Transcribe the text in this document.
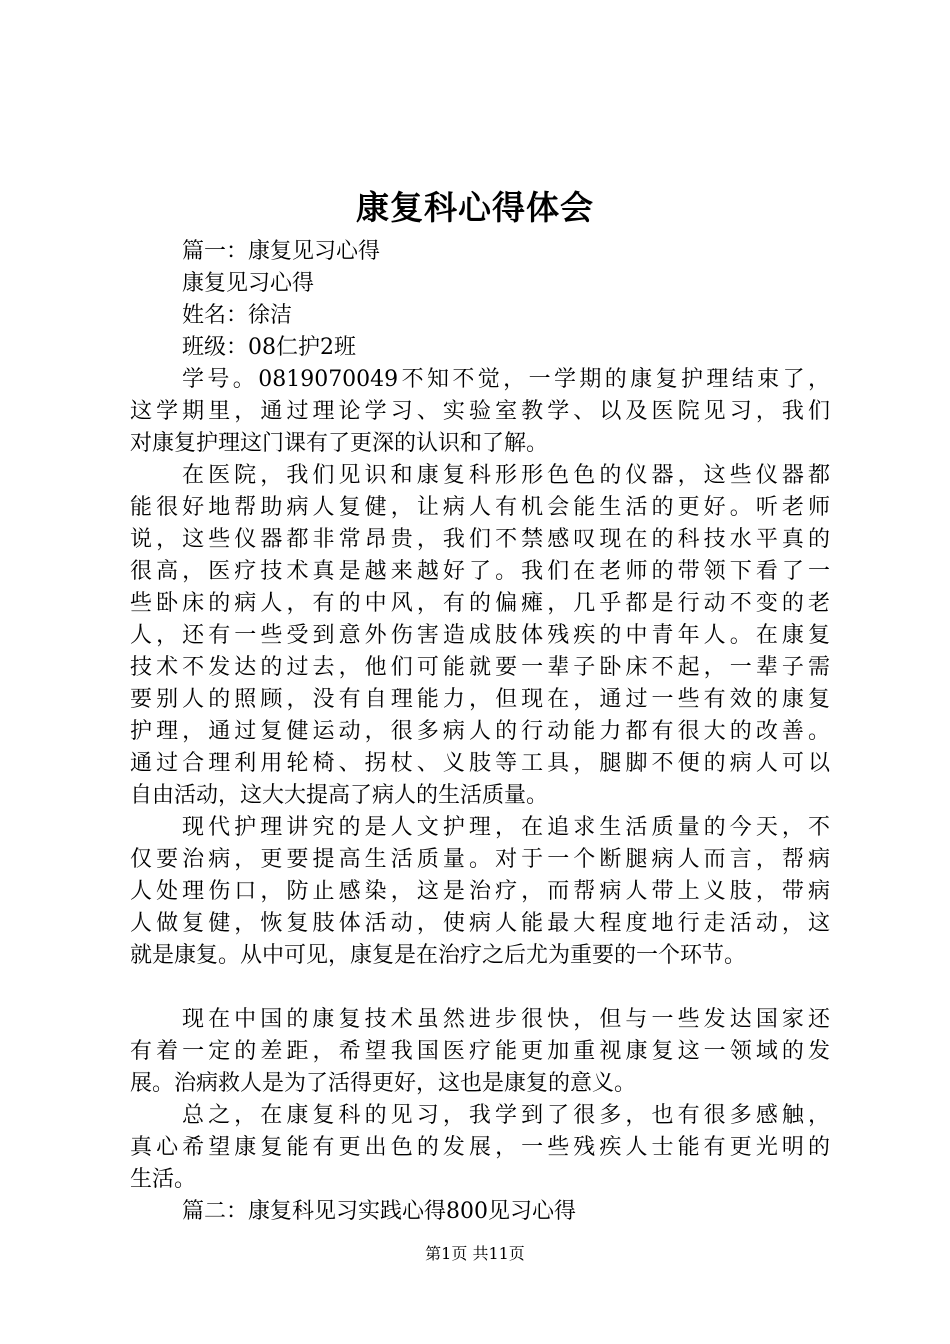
康复科心得体会
篇一：康复见习心得
康复见习心得
姓名：徐洁
班级：08仁护2班
学号。0819070049不知不觉，一学期的康复护理结束了，
这学期里，通过理论学习、实验室教学、以及医院见习，我们
对康复护理这门课有了更深的认识和了解。
在医院，我们见识和康复科形形色色的仪器，这些仪器都
能很好地帮助病人复健，让病人有机会能生活的更好。听老师
说，这些仪器都非常昂贵，我们不禁感叹现在的科技水平真的
很高，医疗技术真是越来越好了。我们在老师的带领下看了一
些卧床的病人，有的中风，有的偏瘫，几乎都是行动不变的老
人，还有一些受到意外伤害造成肢体残疾的中青年人。在康复
技术不发达的过去，他们可能就要一辈子卧床不起，一辈子需
要别人的照顾，没有自理能力，但现在，通过一些有效的康复
护理，通过复健运动，很多病人的行动能力都有很大的改善。
通过合理利用轮椅、拐杖、义肢等工具，腿脚不便的病人可以
自由活动，这大大提高了病人的生活质量。
现代护理讲究的是人文护理，在追求生活质量的今天，不
仅要治病，更要提高生活质量。对于一个断腿病人而言，帮病
人处理伤口，防止感染，这是治疗，而帮病人带上义肢，带病
人做复健，恢复肢体活动，使病人能最大程度地行走活动，这
就是康复。从中可见，康复是在治疗之后尤为重要的一个环节。
现在中国的康复技术虽然进步很快，但与一些发达国家还
有着一定的差距，希望我国医疗能更加重视康复这一领域的发
展。治病救人是为了活得更好，这也是康复的意义。
总之，在康复科的见习，我学到了很多，也有很多感触，
真心希望康复能有更出色的发展，一些残疾人士能有更光明的
生活。
篇二：康复科见习实践心得800见习心得
第1页 共11页
